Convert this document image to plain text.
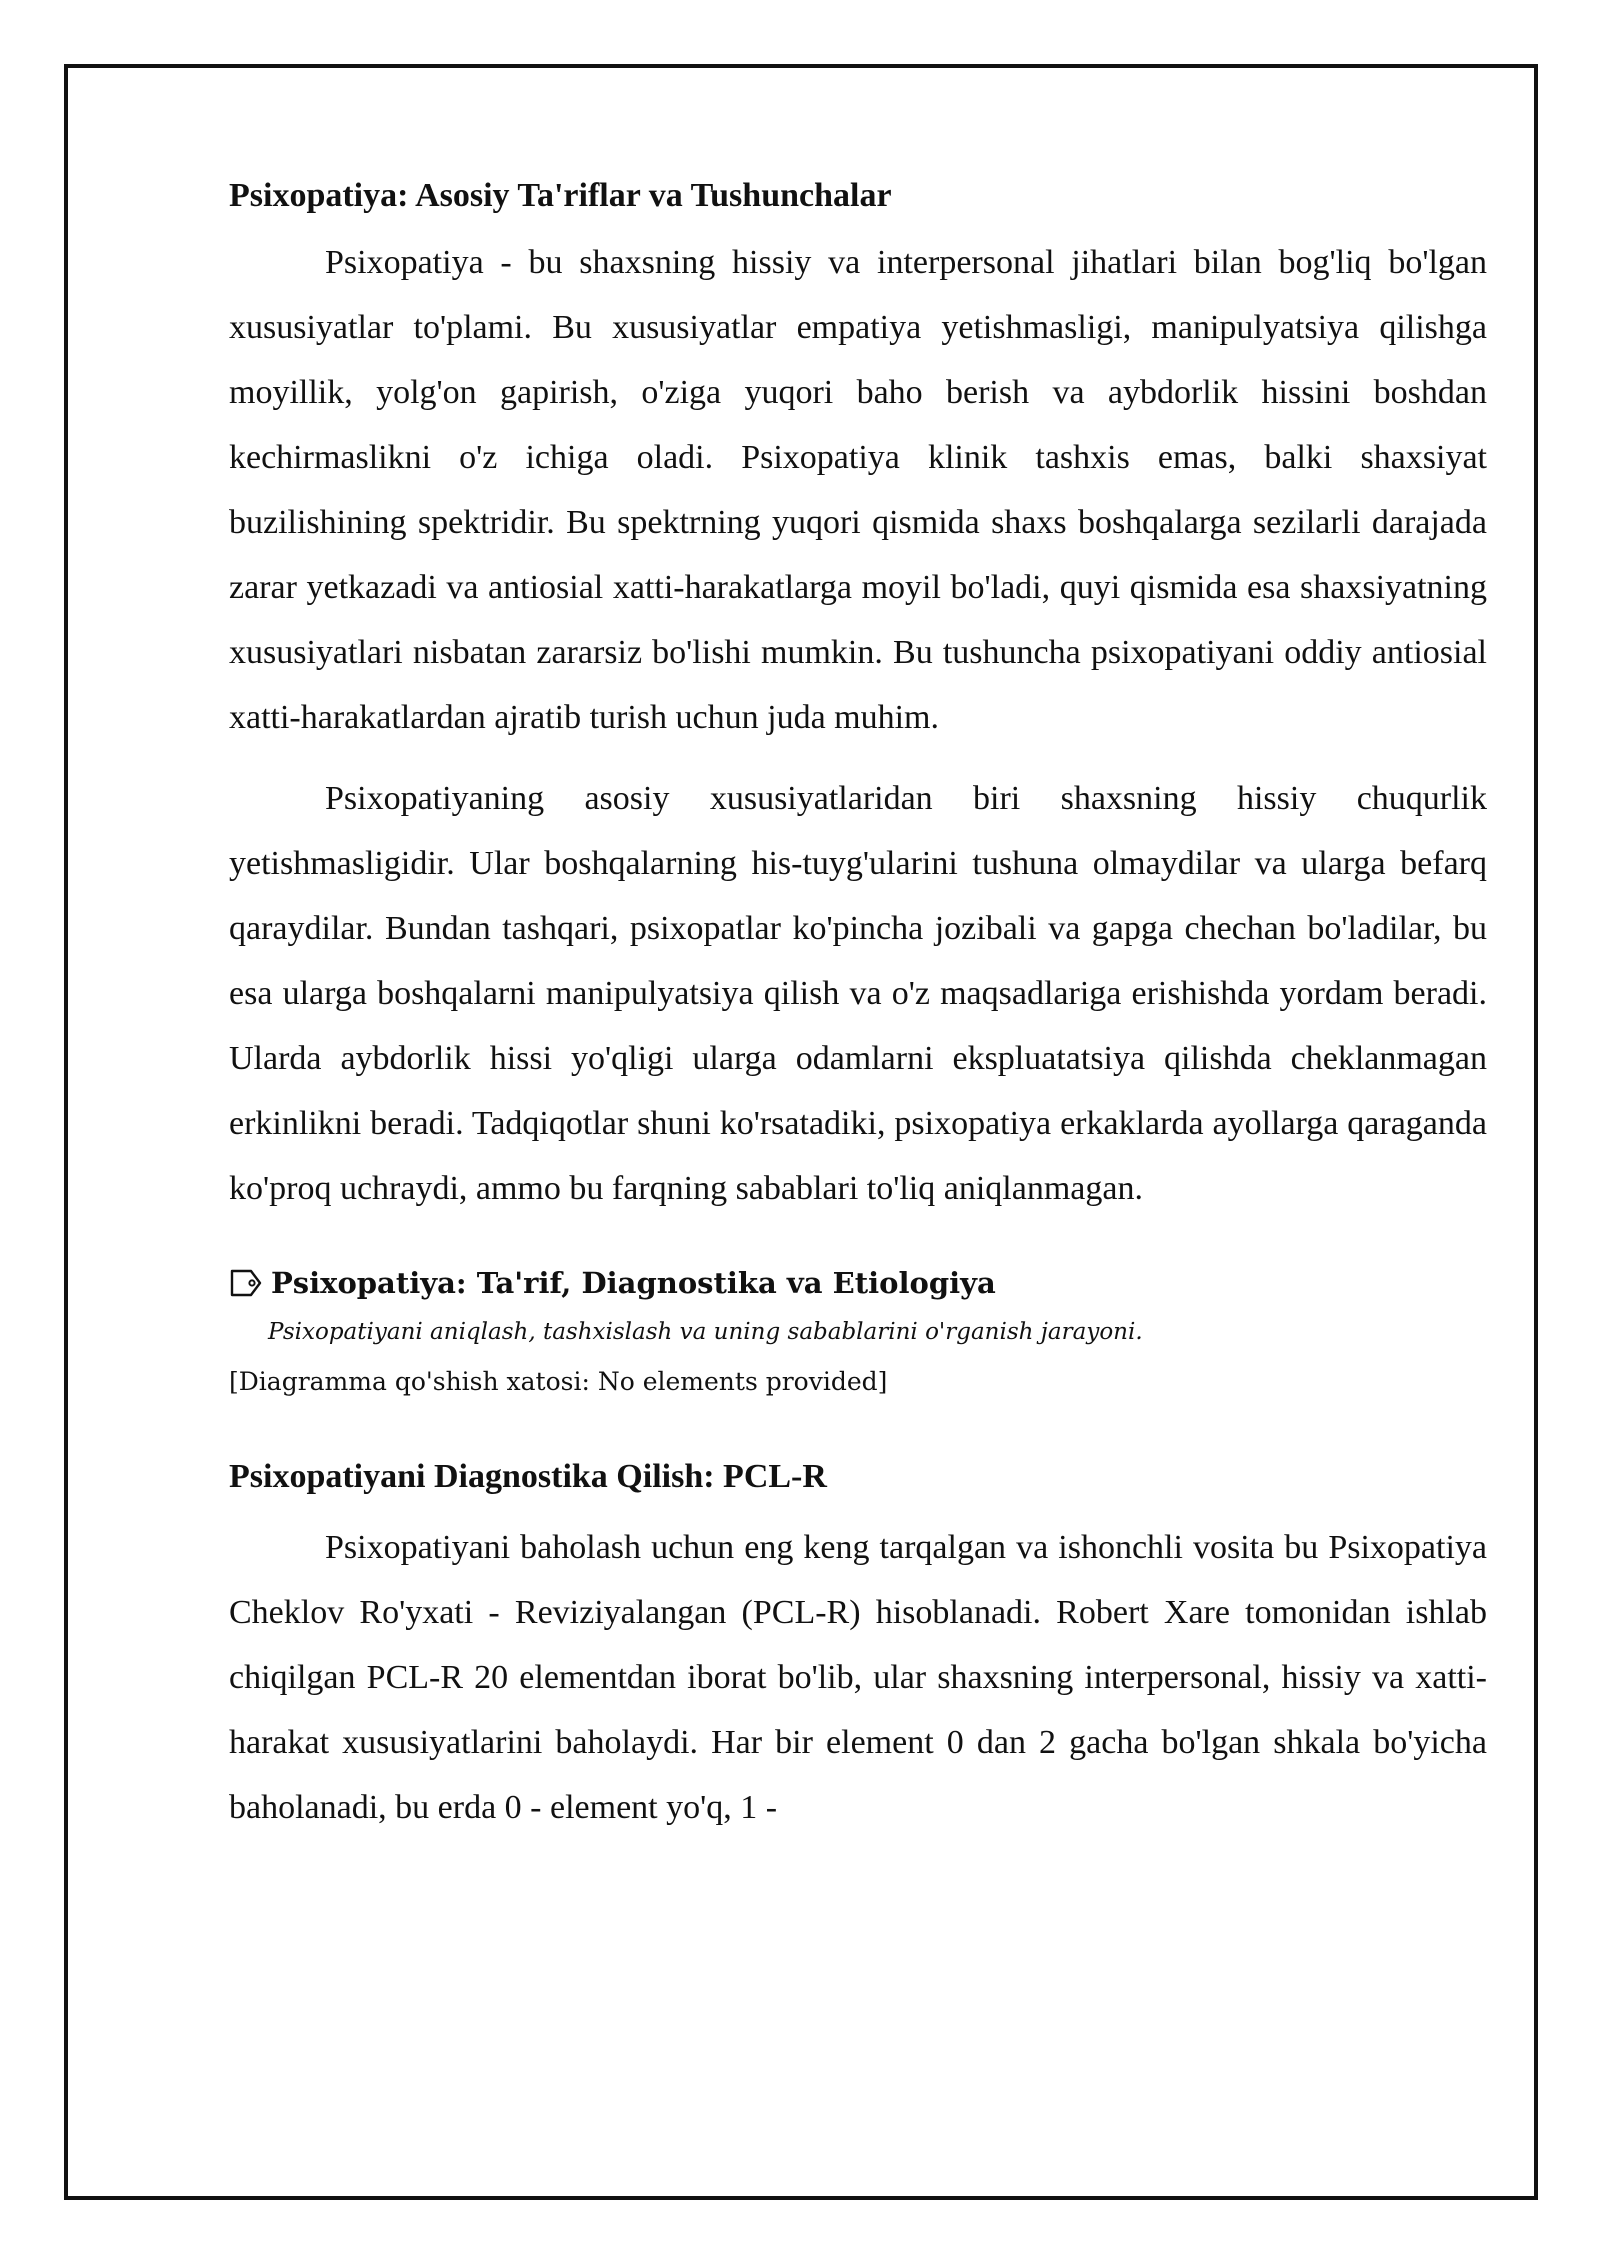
Psixopatiya: Asosiy Ta'riflar va Tushunchalar

Psixopatiya - bu shaxsning hissiy va interpersonal jihatlari bilan bog'liq bo'lgan xususiyatlar to'plami. Bu xususiyatlar empatiya yetishmasligi, manipulyatsiya qilishga moyillik, yolg'on gapirish, o'ziga yuqori baho berish va aybdorlik hissini boshdan kechirmaslikni o'z ichiga oladi. Psixopatiya klinik tashxis emas, balki shaxsiyat buzilishining spektridir. Bu spektrning yuqori qismida shaxs boshqalarga sezilarli darajada zarar yetkazadi va antiosial xatti-harakatlarga moyil bo'ladi, quyi qismida esa shaxsiyatning xususiyatlari nisbatan zararsiz bo'lishi mumkin. Bu tushuncha psixopatiyani oddiy antiosial xatti-harakatlardan ajratib turish uchun juda muhim.

Psixopatiyaning asosiy xususiyatlaridan biri shaxsning hissiy chuqurlik yetishmasligidir. Ular boshqalarning his-tuyg'ularini tushuna olmaydilar va ularga befarq qaraydilar. Bundan tashqari, psixopatlar ko'pincha jozibali va gapga chechan bo'ladilar, bu esa ularga boshqalarni manipulyatsiya qilish va o'z maqsadlariga erishishda yordam beradi. Ularda aybdorlik hissi yo'qligi ularga odamlarni ekspluatatsiya qilishda cheklanmagan erkinlikni beradi. Tadqiqotlar shuni ko'rsatadiki, psixopatiya erkaklarda ayollarga qaraganda ko'proq uchraydi, ammo bu farqning sabablari to'liq aniqlanmagan.

Psixopatiya: Ta'rif, Diagnostika va Etiologiya
Psixopatiyani aniqlash, tashxislash va uning sabablarini o'rganish jarayoni.
[Diagramma qo'shish xatosi: No elements provided]
Psixopatiyani Diagnostika Qilish: PCL-R

Psixopatiyani baholash uchun eng keng tarqalgan va ishonchli vosita bu Psixopatiya Cheklov Ro'yxati - Reviziyalangan (PCL-R) hisoblanadi. Robert Xare tomonidan ishlab chiqilgan PCL-R 20 elementdan iborat bo'lib, ular shaxsning interpersonal, hissiy va xatti-harakat xususiyatlarini baholaydi. Har bir element 0 dan 2 gacha bo'lgan shkala bo'yicha baholanadi, bu erda 0 - element yo'q, 1 -
